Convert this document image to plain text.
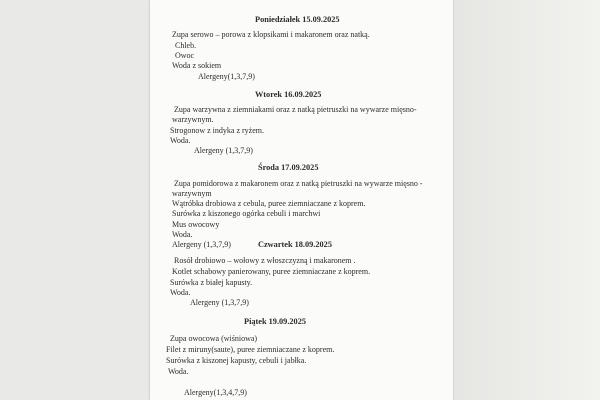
Poniedziałek 15.09.2025
Zupa serowo – porowa z klopsikami i makaronem oraz natką.
Chleb.
Owoc
Woda z sokiem
Alergeny(1,3,7,9)
Wtorek 16.09.2025
Zupa warzywna z ziemniakami oraz z natką pietruszki na wywarze mięsno-
warzywnym.
Strogonow z indyka z ryżem.
Woda.
Alergeny (1,3,7,9)
Środa 17.09.2025
Zupa pomidorowa z makaronem oraz z natką pietruszki na wywarze mięsno -
warzywnym
Wątróbka drobiowa z cebula, puree ziemniaczane z koprem.
Surówka z kiszonego ogórka cebuli i marchwi
Mus owocowy
Woda.
Alergeny (1,3,7,9)	Czwartek 18.09.2025
Rosół drobiowo – wołowy z włoszczyzną i makaronem .
Kotlet schabowy panierowany, puree ziemniaczane z koprem.
Surówka z białej kapusty.
Woda.
Alergeny (1,3,7,9)
Piątek 19.09.2025
Zupa owocowa (wiśniowa)
Filet z miruny(saute), puree ziemniaczane z koprem.
Surówka z kiszonej kapusty, cebuli i jabłka.
Woda.
Alergeny(1,3,4,7,9)
